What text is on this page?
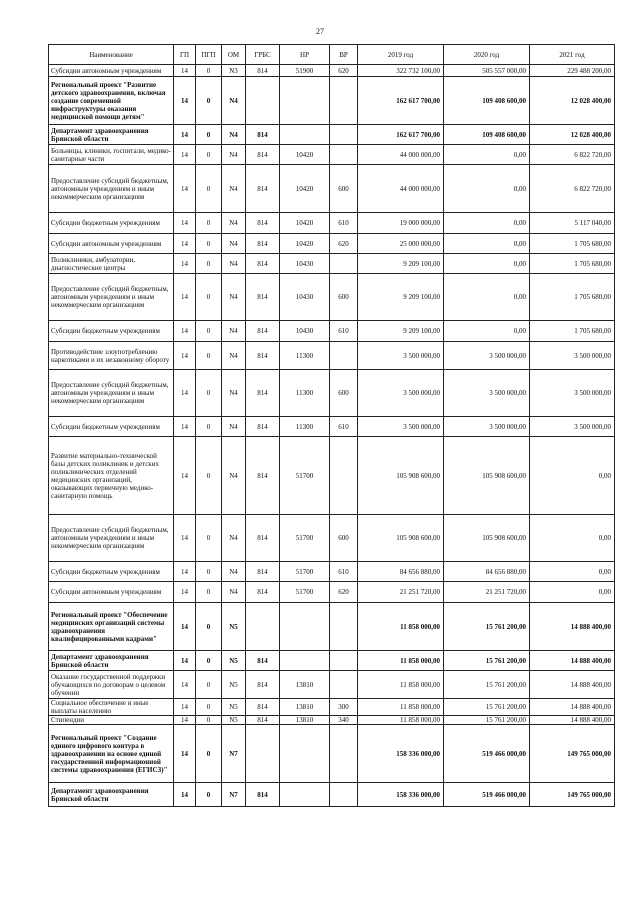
27
Наименование	ГП	ПГП	ОМ	ГРБС	НР	ВР	2019 год	2020 год	2021 год
Субсидии автономным учреждениям	14	0	N3	814	51900	620	322 732 100,00	505 557 000,00	229 488 200,00
Региональный проект "Развитие детского здравоохранения, включая создание современной инфраструктуры оказания медицинской помощи детям"	14	0	N4				162 617 700,00	109 408 600,00	12 028 400,00
Департамент здравоохранения Брянской области	14	0	N4	814			162 617 700,00	109 408 600,00	12 028 400,00
Больницы, клиники, госпитали, медико-санитарные части	14	0	N4	814	10420		44 000 000,00	0,00	6 822 720,00
Предоставление субсидий бюджетным, автономным учреждениям и иным некоммерческим организациям	14	0	N4	814	10420	600	44 000 000,00	0,00	6 822 720,00
Субсидии бюджетным учреждениям	14	0	N4	814	10420	610	19 000 000,00	0,00	5 117 040,00
Субсидии автономным учреждениям	14	0	N4	814	10420	620	25 000 000,00	0,00	1 705 680,00
Поликлиники, амбулатории, диагностические центры	14	0	N4	814	10430		9 209 100,00	0,00	1 705 680,00
Предоставление субсидий бюджетным, автономным учреждениям и иным некоммерческим организациям	14	0	N4	814	10430	600	9 209 100,00	0,00	1 705 680,00
Субсидии бюджетным учреждениям	14	0	N4	814	10430	610	9 209 100,00	0,00	1 705 680,00
Противодействие злоупотреблению наркотиками и их незаконному обороту	14	0	N4	814	11300		3 500 000,00	3 500 000,00	3 500 000,00
Предоставление субсидий бюджетным, автономным учреждениям и иным некоммерческим организациям	14	0	N4	814	11300	600	3 500 000,00	3 500 000,00	3 500 000,00
Субсидии бюджетным учреждениям	14	0	N4	814	11300	610	3 500 000,00	3 500 000,00	3 500 000,00
Развитие материально-технической базы детских поликлиник и детских поликлинических отделений медицинских организаций, оказывающих первичную медико-санитарную помощь	14	0	N4	814	51700		105 908 600,00	105 908 600,00	0,00
Предоставление субсидий бюджетным, автономным учреждениям и иным некоммерческим организациям	14	0	N4	814	51700	600	105 908 600,00	105 908 600,00	0,00
Субсидии бюджетным учреждениям	14	0	N4	814	51700	610	84 656 880,00	84 656 880,00	0,00
Субсидии автономным учреждениям	14	0	N4	814	51700	620	21 251 720,00	21 251 720,00	0,00
Региональный проект "Обеспечение медицинских организаций системы здравоохранения квалифицированными кадрами"	14	0	N5				11 858 000,00	15 761 200,00	14 888 400,00
Департамент здравоохранения Брянской области	14	0	N5	814			11 858 000,00	15 761 200,00	14 888 400,00
Оказание государственной поддержки обучающихся по договорам о целевом обучении	14	0	N5	814	13810		11 858 000,00	15 761 200,00	14 888 400,00
Социальное обеспечение и иные выплаты населению	14	0	N5	814	13810	300	11 858 000,00	15 761 200,00	14 888 400,00
Стипендии	14	0	N5	814	13810	340	11 858 000,00	15 761 200,00	14 888 400,00
Региональный проект "Создание единого цифрового контура в здравоохранении на основе единой государственной информационной системы здравоохранения (ЕГИСЗ)"	14	0	N7				158 336 000,00	519 466 000,00	149 765 000,00
Департамент здравоохранения Брянской области	14	0	N7	814			158 336 000,00	519 466 000,00	149 765 000,00
